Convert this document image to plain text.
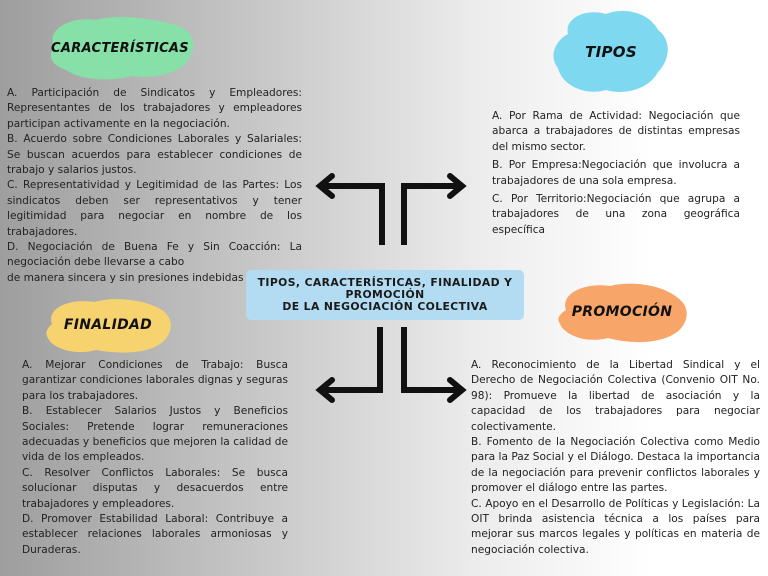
CARACTERÍSTICAS	TIPOS
FINALIDAD
PROMOCIÓN

A. Participación de Sindicatos y Empleadores: Representantes de los trabajadores y empleadores participan activamente en la negociación.

B. Acuerdo sobre Condiciones Laborales y Salariales: Se buscan acuerdos para establecer condiciones de trabajo y salarios justos.

C. Representatividad y Legitimidad de las Partes: Los sindicatos deben ser representativos y tener legitimidad para negociar en nombre de los trabajadores.

D. Negociación de Buena Fe y Sin Coacción: La negociación debe llevarse a cabo

de manera sincera y sin presiones indebidas

A. Por Rama de Actividad: Negociación que abarca a trabajadores de distintas empresas del mismo sector.

B. Por Empresa:Negociación que involucra a trabajadores de una sola empresa.

C. Por Territorio:Negociación que agrupa a trabajadores de una zona geográfica específica

A. Mejorar Condiciones de Trabajo: Busca garantizar condiciones laborales dignas y seguras para los trabajadores.

B. Establecer Salarios Justos y Beneficios Sociales: Pretende lograr remuneraciones adecuadas y beneficios que mejoren la calidad de vida de los empleados.

C. Resolver Conflictos Laborales: Se busca solucionar disputas y desacuerdos entre trabajadores y empleadores.

D. Promover Estabilidad Laboral: Contribuye a establecer relaciones laborales armoniosas y Duraderas.

A. Reconocimiento de la Libertad Sindical y el Derecho de Negociación Colectiva (Convenio OIT No. 98): Promueve la libertad de asociación y la capacidad de los trabajadores para negociar colectivamente.

B. Fomento de la Negociación Colectiva como Medio para la Paz Social y el Diálogo. Destaca la importancia de la negociación para prevenir conflictos laborales y promover el diálogo entre las partes.

C. Apoyo en el Desarrollo de Políticas y Legislación: La OIT brinda asistencia técnica a los países para mejorar sus marcos legales y políticas en materia de negociación colectiva.

TIPOS, CARACTERÍSTICAS, FINALIDAD Y
PROMOCIÓN
DE LA NEGOCIACIÓN COLECTIVA
